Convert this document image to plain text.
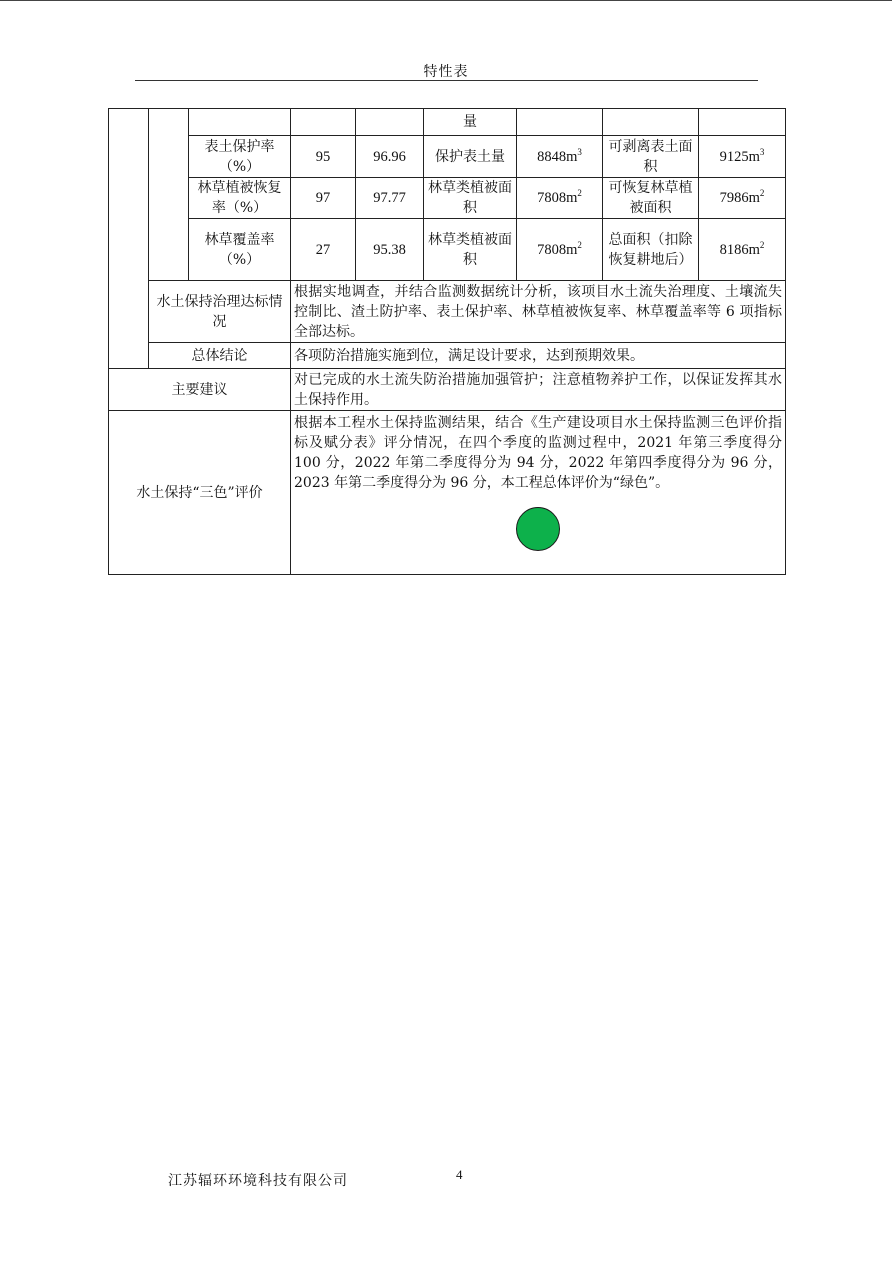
特性表
					量			
		表土保护率（%）	95	96.96	保护表土量	$8848m^3$	可剥离表土面积	$9125m^3$
		林草植被恢复率（%）	97	97.77	林草类植被面积	$7808m^2$	可恢复林草植被面积	$7986m^2$
		林草覆盖率（%）	27	95.38	林草类植被面积	$7808m^2$	总面积（扣除恢复耕地后）	$8186m^2$
	水土保持治理达标情况		根据实地调查，并结合监测数据统计分析，该项目水土流失治理度、土壤流失控制比、渣土防护率、表土保护率、林草植被恢复率、林草覆盖率等 6 项指标全部达标。					
	总体结论		各项防治措施实施到位，满足设计要求，达到预期效果。					
主要建议			对已完成的水土流失防治措施加强管护；注意植物养护工作，以保证发挥其水土保持作用。					
水土保持“三色”评价			根据本工程水土保持监测结果，结合《生产建设项目水土保持监测三色评价指标及赋分表》评分情况，在四个季度的监测过程中，2021 年第三季度得分 100 分，2022 年第二季度得分为 94 分，2022 年第四季度得分为 96 分，2023 年第二季度得分为 96 分，本工程总体评价为“绿色”。					
江苏辐环环境科技有限公司	4
